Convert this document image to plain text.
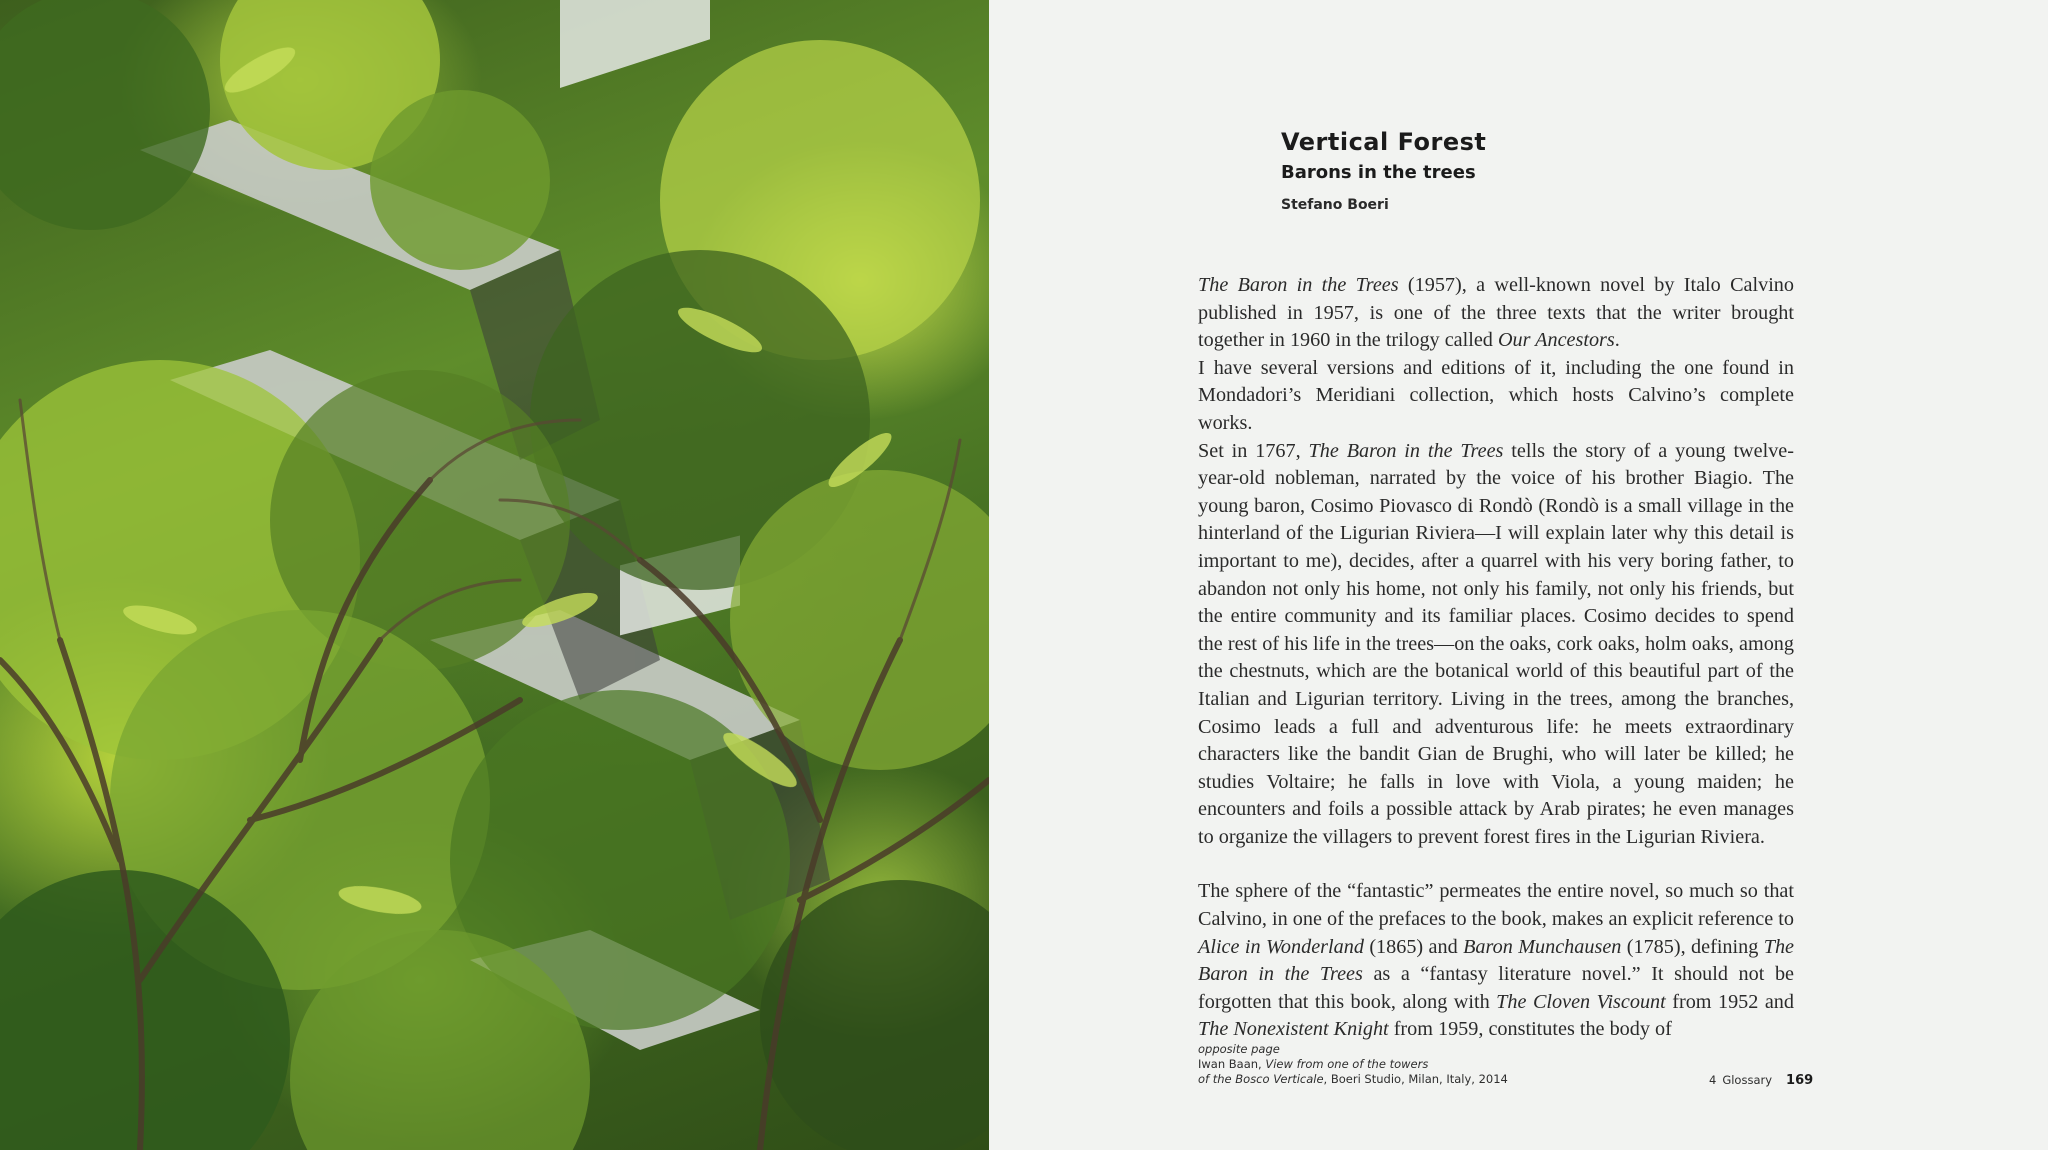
Vertical Forest
Barons in the trees
Stefano Boeri

The Baron in the Trees (1957), a well-known novel by Italo Calvino published in 1957, is one of the three texts that the writer brought together in 1960 in the trilogy called Our Ancestors.

I have several versions and editions of it, including the one found in Mondadori’s Meridiani collection, which hosts Calvino’s complete works.

Set in 1767, The Baron in the Trees tells the story of a young twelve-year-old nobleman, narrated by the voice of his brother Biagio. The young baron, Cosimo Piovasco di Rondò (Rondò is a small village in the hinterland of the Ligurian Riviera—I will explain later why this detail is important to me), decides, after a quarrel with his very boring father, to abandon not only his home, not only his family, not only his friends, but the entire community and its familiar places. Cosimo decides to spend the rest of his life in the trees—on the oaks, cork oaks, holm oaks, among the chestnuts, which are the botanical world of this beautiful part of the Italian and Ligurian territory. Living in the trees, among the branches, Cosimo leads a full and adventurous life: he meets extraordinary characters like the bandit Gian de Brughi, who will later be killed; he studies Voltaire; he falls in love with Viola, a young maiden; he encounters and foils a possible attack by Arab pirates; he even manages to organize the villagers to prevent forest fires in the Ligurian Riviera.

The sphere of the “fantastic” permeates the entire novel, so much so that Calvino, in one of the prefaces to the book, makes an explicit reference to Alice in Wonderland (1865) and Baron Munchausen (1785), defining The Baron in the Trees as a “fantasy literature novel.” It should not be forgotten that this book, along with The Cloven Viscount from 1952 and The Nonexistent Knight from 1959, constitutes the body of

opposite page
Iwan Baan, View from one of the towers
of the Bosco Verticale, Boeri Studio, Milan, Italy, 2014	4 Glossary 169
